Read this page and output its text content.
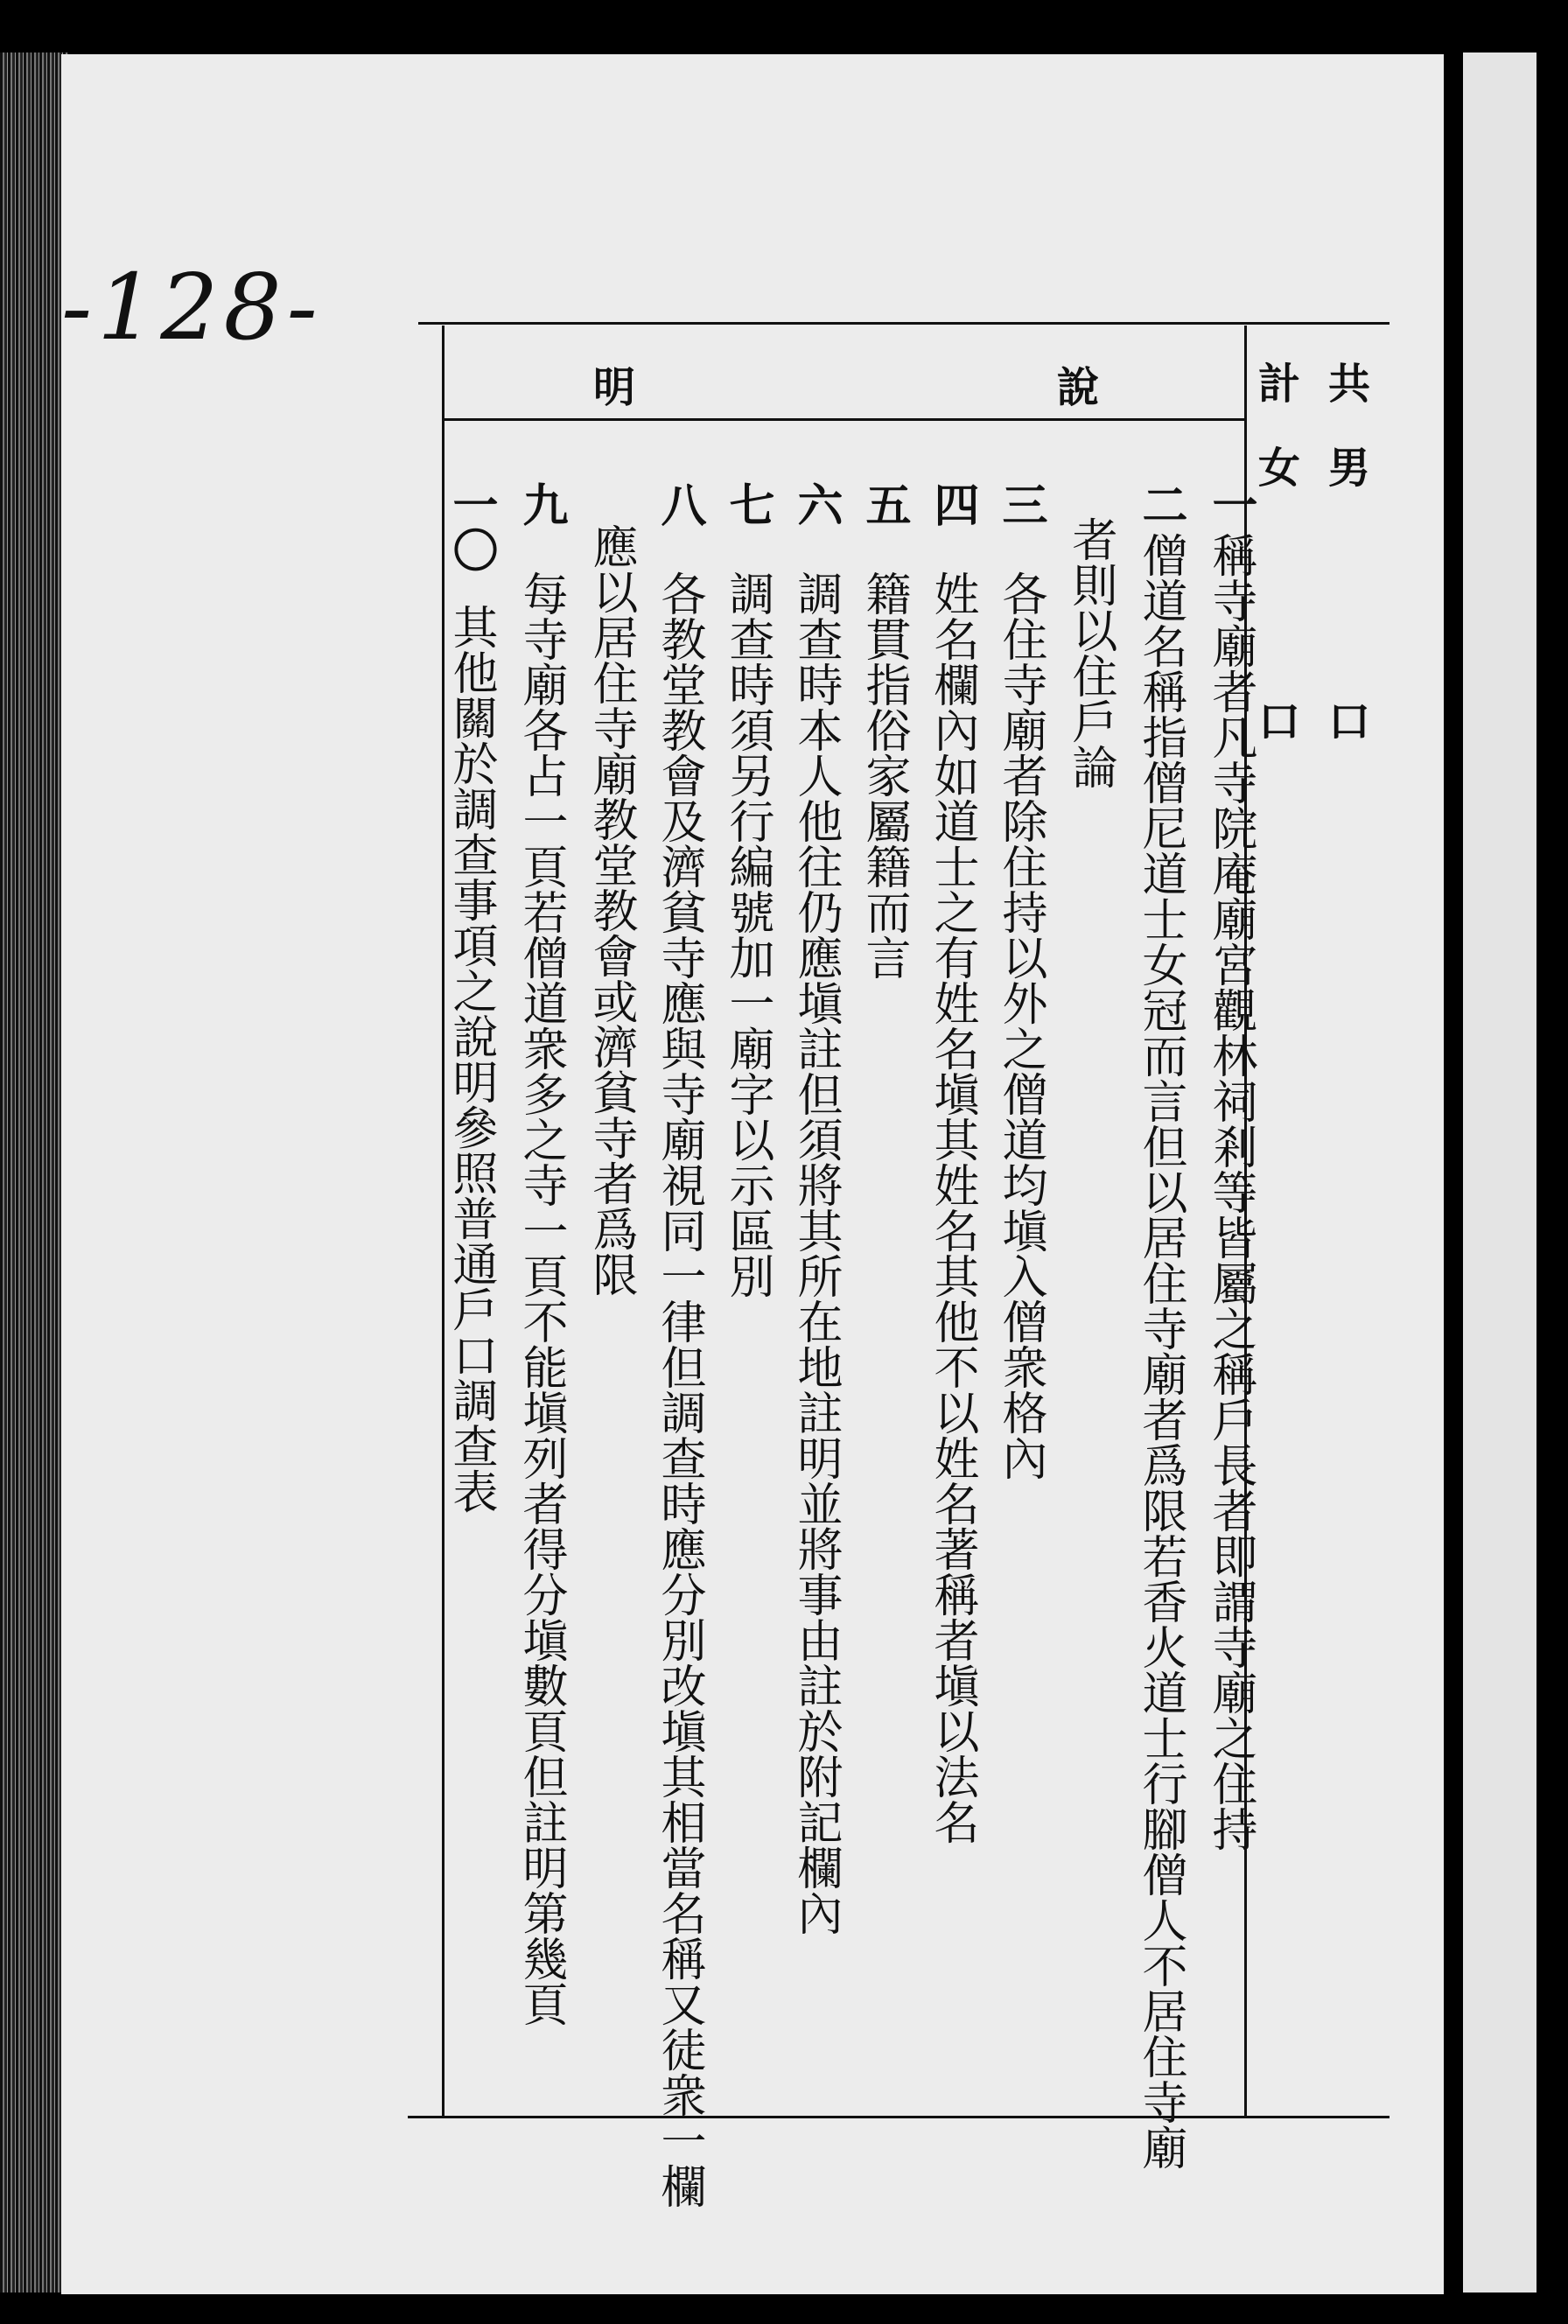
-128-
共
計
男
女
口
口
明	說
一
稱寺廟者凡寺院庵廟宮觀林祠剎等皆屬之稱戶長者即謂寺廟之住持
二
僧道名稱指僧尼道士女冠而言但以居住寺廟者爲限若香火道士行腳僧人不居住寺廟
者則以住戶論
三
各住寺廟者除住持以外之僧道均塡入僧衆格內
四
姓名欄內如道士之有姓名塡其姓名其他不以姓名著稱者塡以法名
五
籍貫指俗家屬籍而言
六
調查時本人他往仍應塡註但須將其所在地註明並將事由註於附記欄內
七
調查時須另行編號加一廟字以示區別
八
各教堂教會及濟貧寺應與寺廟視同一律但調查時應分別改塡其相當名稱又徒衆一欄
應以居住寺廟教堂教會或濟貧寺者爲限
九
每寺廟各占一頁若僧道衆多之寺一頁不能塡列者得分塡數頁但註明第幾頁
一〇
其他關於調查事項之說明參照普通戶口調查表
